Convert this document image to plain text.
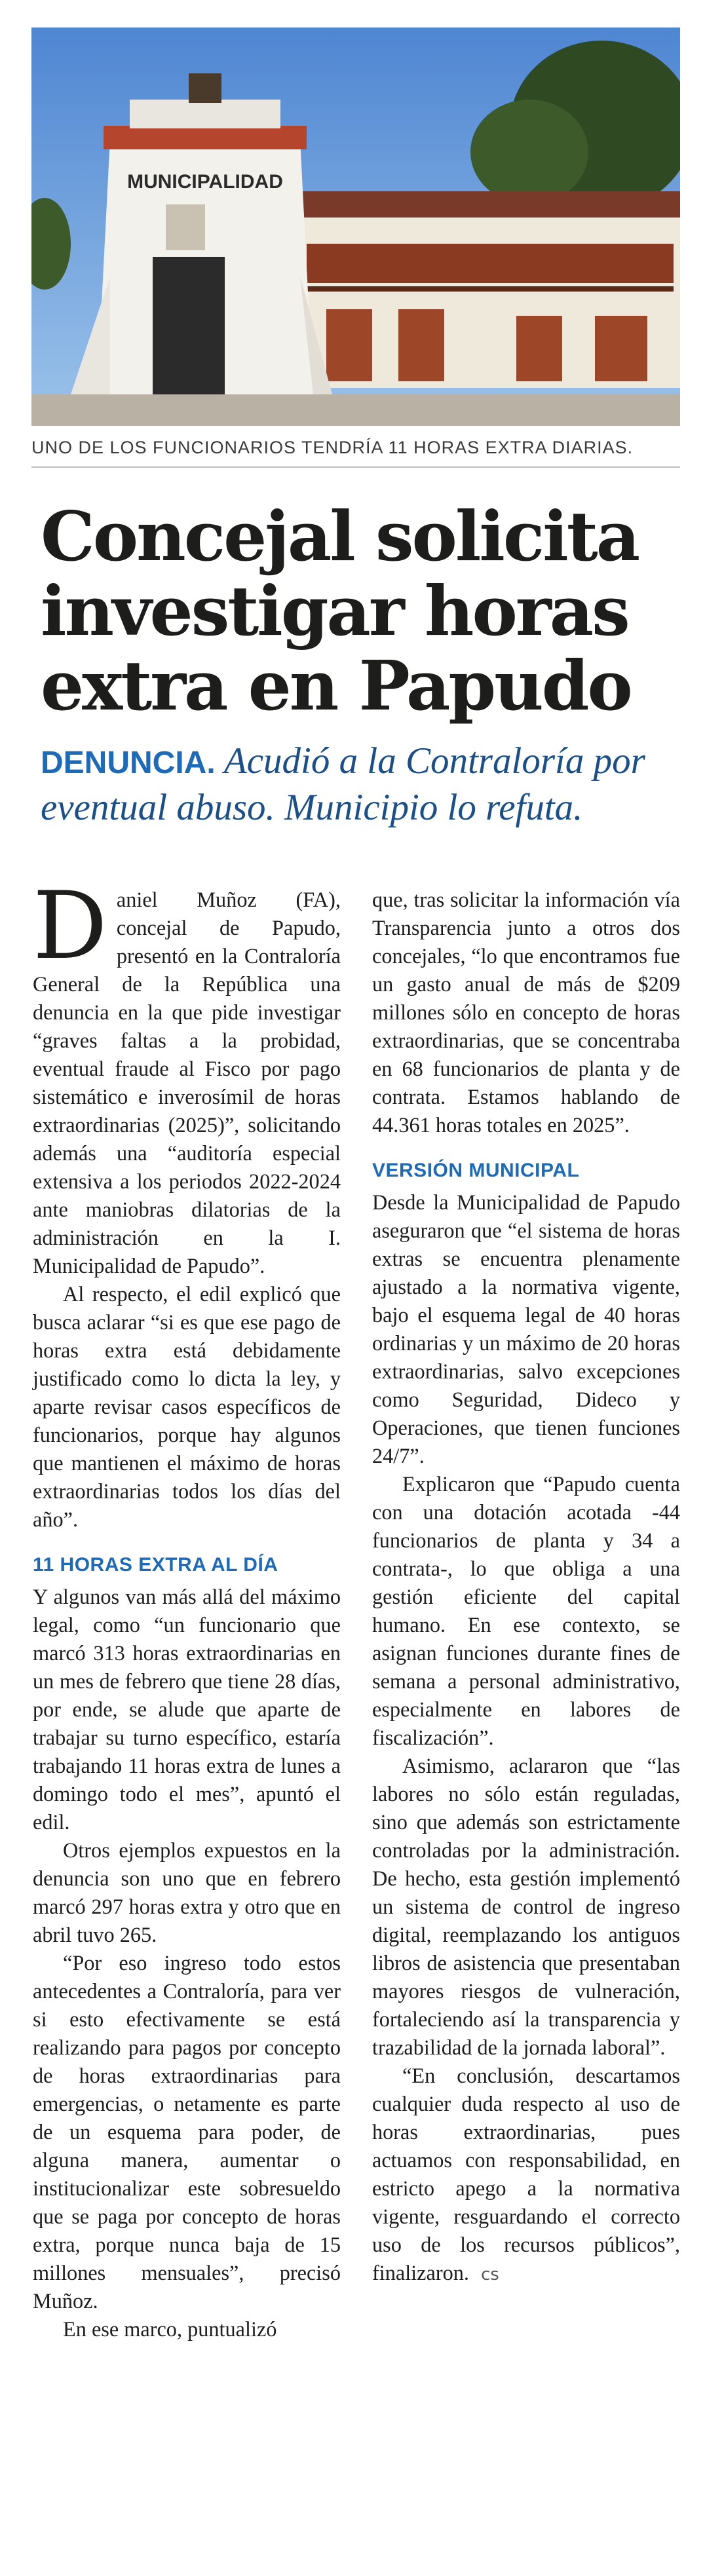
MUNICIPALIDAD
UNO DE LOS FUNCIONARIOS TENDRÍA 11 HORAS EXTRA DIARIAS.
Concejal solicita
investigar horas
extra en Papudo
DENUNCIA. Acudió a la Contraloría por eventual abuso. Municipio lo refuta.

Daniel Muñoz (FA), concejal de Papudo, presentó en la Contraloría General de la República una denuncia en la que pide investigar “graves faltas a la probidad, eventual fraude al Fisco por pago sistemático e inverosímil de horas extraordinarias (2025)”, solicitando además una “auditoría especial extensiva a los periodos 2022-2024 ante maniobras dilatorias de la administración en la I. Municipalidad de Papudo”.

Al respecto, el edil explicó que busca aclarar “si es que ese pago de horas extra está debidamente justificado como lo dicta la ley, y aparte revisar casos específicos de funcionarios, porque hay algunos que mantienen el máximo de horas extraordinarias todos los días del año”.

11 HORAS EXTRA AL DÍA

Y algunos van más allá del máximo legal, como “un funcionario que marcó 313 horas extraordinarias en un mes de febrero que tiene 28 días, por ende, se alude que aparte de trabajar su turno específico, estaría trabajando 11 horas extra de lunes a domingo todo el mes”, apuntó el edil.

Otros ejemplos expuestos en la denuncia son uno que en febrero marcó 297 horas extra y otro que en abril tuvo 265.

“Por eso ingreso todo estos antecedentes a Contraloría, para ver si esto efectivamente se está realizando para pagos por concepto de horas extraordinarias para emergencias, o netamente es parte de un esquema para poder, de alguna manera, aumentar o institucionalizar este sobresueldo que se paga por concepto de horas extra, porque nunca baja de 15 millones mensuales”, precisó Muñoz.

En ese marco, puntualizó

que, tras solicitar la información vía Transparencia junto a otros dos concejales, “lo que encontramos fue un gasto anual de más de $209 millones sólo en concepto de horas extraordinarias, que se concentraba en 68 funcionarios de planta y de contrata. Estamos hablando de 44.361 horas totales en 2025”.

VERSIÓN MUNICIPAL

Desde la Municipalidad de Papudo aseguraron que “el sistema de horas extras se encuentra plenamente ajustado a la normativa vigente, bajo el esquema legal de 40 horas ordinarias y un máximo de 20 horas extraordinarias, salvo excepciones como Seguridad, Dideco y Operaciones, que tienen funciones 24/7”.

Explicaron que “Papudo cuenta con una dotación acotada -44 funcionarios de planta y 34 a contrata-, lo que obliga a una gestión eficiente del capital humano. En ese contexto, se asignan funciones durante fines de semana a personal administrativo, especialmente en labores de fiscalización”.

Asimismo, aclararon que “las labores no sólo están reguladas, sino que además son estrictamente controladas por la administración. De hecho, esta gestión implementó un sistema de control de ingreso digital, reemplazando los antiguos libros de asistencia que presentaban mayores riesgos de vulneración, fortaleciendo así la transparencia y trazabilidad de la jornada laboral”.

“En conclusión, descartamos cualquier duda respecto al uso de horas extraordinarias, pues actuamos con responsabilidad, en estricto apego a la normativa vigente, resguardando el correcto uso de los recursos públicos”, finalizaron. cs
